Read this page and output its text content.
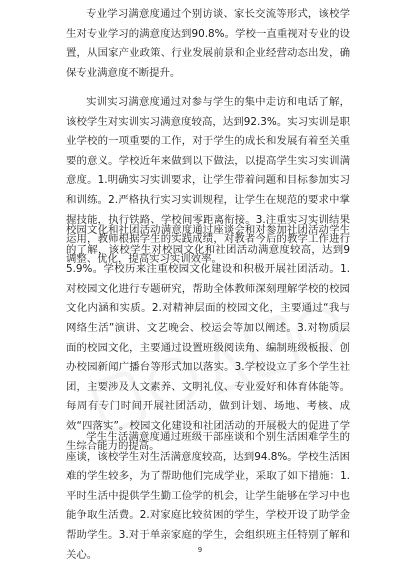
专业学习满意度通过个别访谈、家长交流等形式，该校学生对专业学习的满意度达到90.8%。学校一直重视对专业的设置，从国家产业政策、行业发展前景和企业经营动态出发，确保专业满意度不断提升。

实训实习满意度通过对参与学生的集中走访和电话了解，该校学生对实训实习满意度较高，达到92.3%。实习实训是职业学校的一项重要的工作，对于学生的成长和发展有着至关重要的意义。学校近年来做到以下做法，以提高学生实习实训满意度。1.明确实习实训要求，让学生带着问题和目标参加实习和训练。2.严格执行实习实训规程，让学生在规范的要求中掌握技能，执行铁路、学校间零距离衔接。3.注重实习实训结果运用，教师根据学生的实践成绩，对教者今后的教学工作进行调整、优化，提高实习实训效率。

校园文化和社团活动满意度通过座谈会和对参加社团活动学生的了解，该校学生对校园文化和社团活动满意度较高，达到95.9%。学校历来注重校园文化建设和积极开展社团活动。1.对校园文化进行专题研究，帮助全体教师深刻理解学校的校园文化内涵和实质。2.对精神层面的校园文化，主要通过“我与网络生活”演讲、文艺晚会、校运会等加以阐述。3.对物质层面的校园文化，主要通过设置班级阅读角、编制班级板报、创办校园新闻广播台等形式加以落实。3.学校设立了多个学生社团，主要涉及人文素养、文明礼仪、专业爱好和体育体能等。每周有专门时间开展社团活动，做到计划、场地、考核、成效“四落实”。校园文化建设和社团活动的开展极大的促进了学生综合能力的提高。

学生生活满意度通过班级干部座谈和个别生活困难学生的座谈，该校学生对生活满意度较高，达到94.8%。学校生活困难的学生较多，为了帮助他们完成学业，采取了如下措施：1.平时生活中提供学生勤工俭学的机会，让学生能够在学习中也能争取生活费。2.对家庭比较贫困的学生，学校开设了助学金帮助学生。3.对于单亲家庭的学生，会组织班主任特别了解和关心。	9
